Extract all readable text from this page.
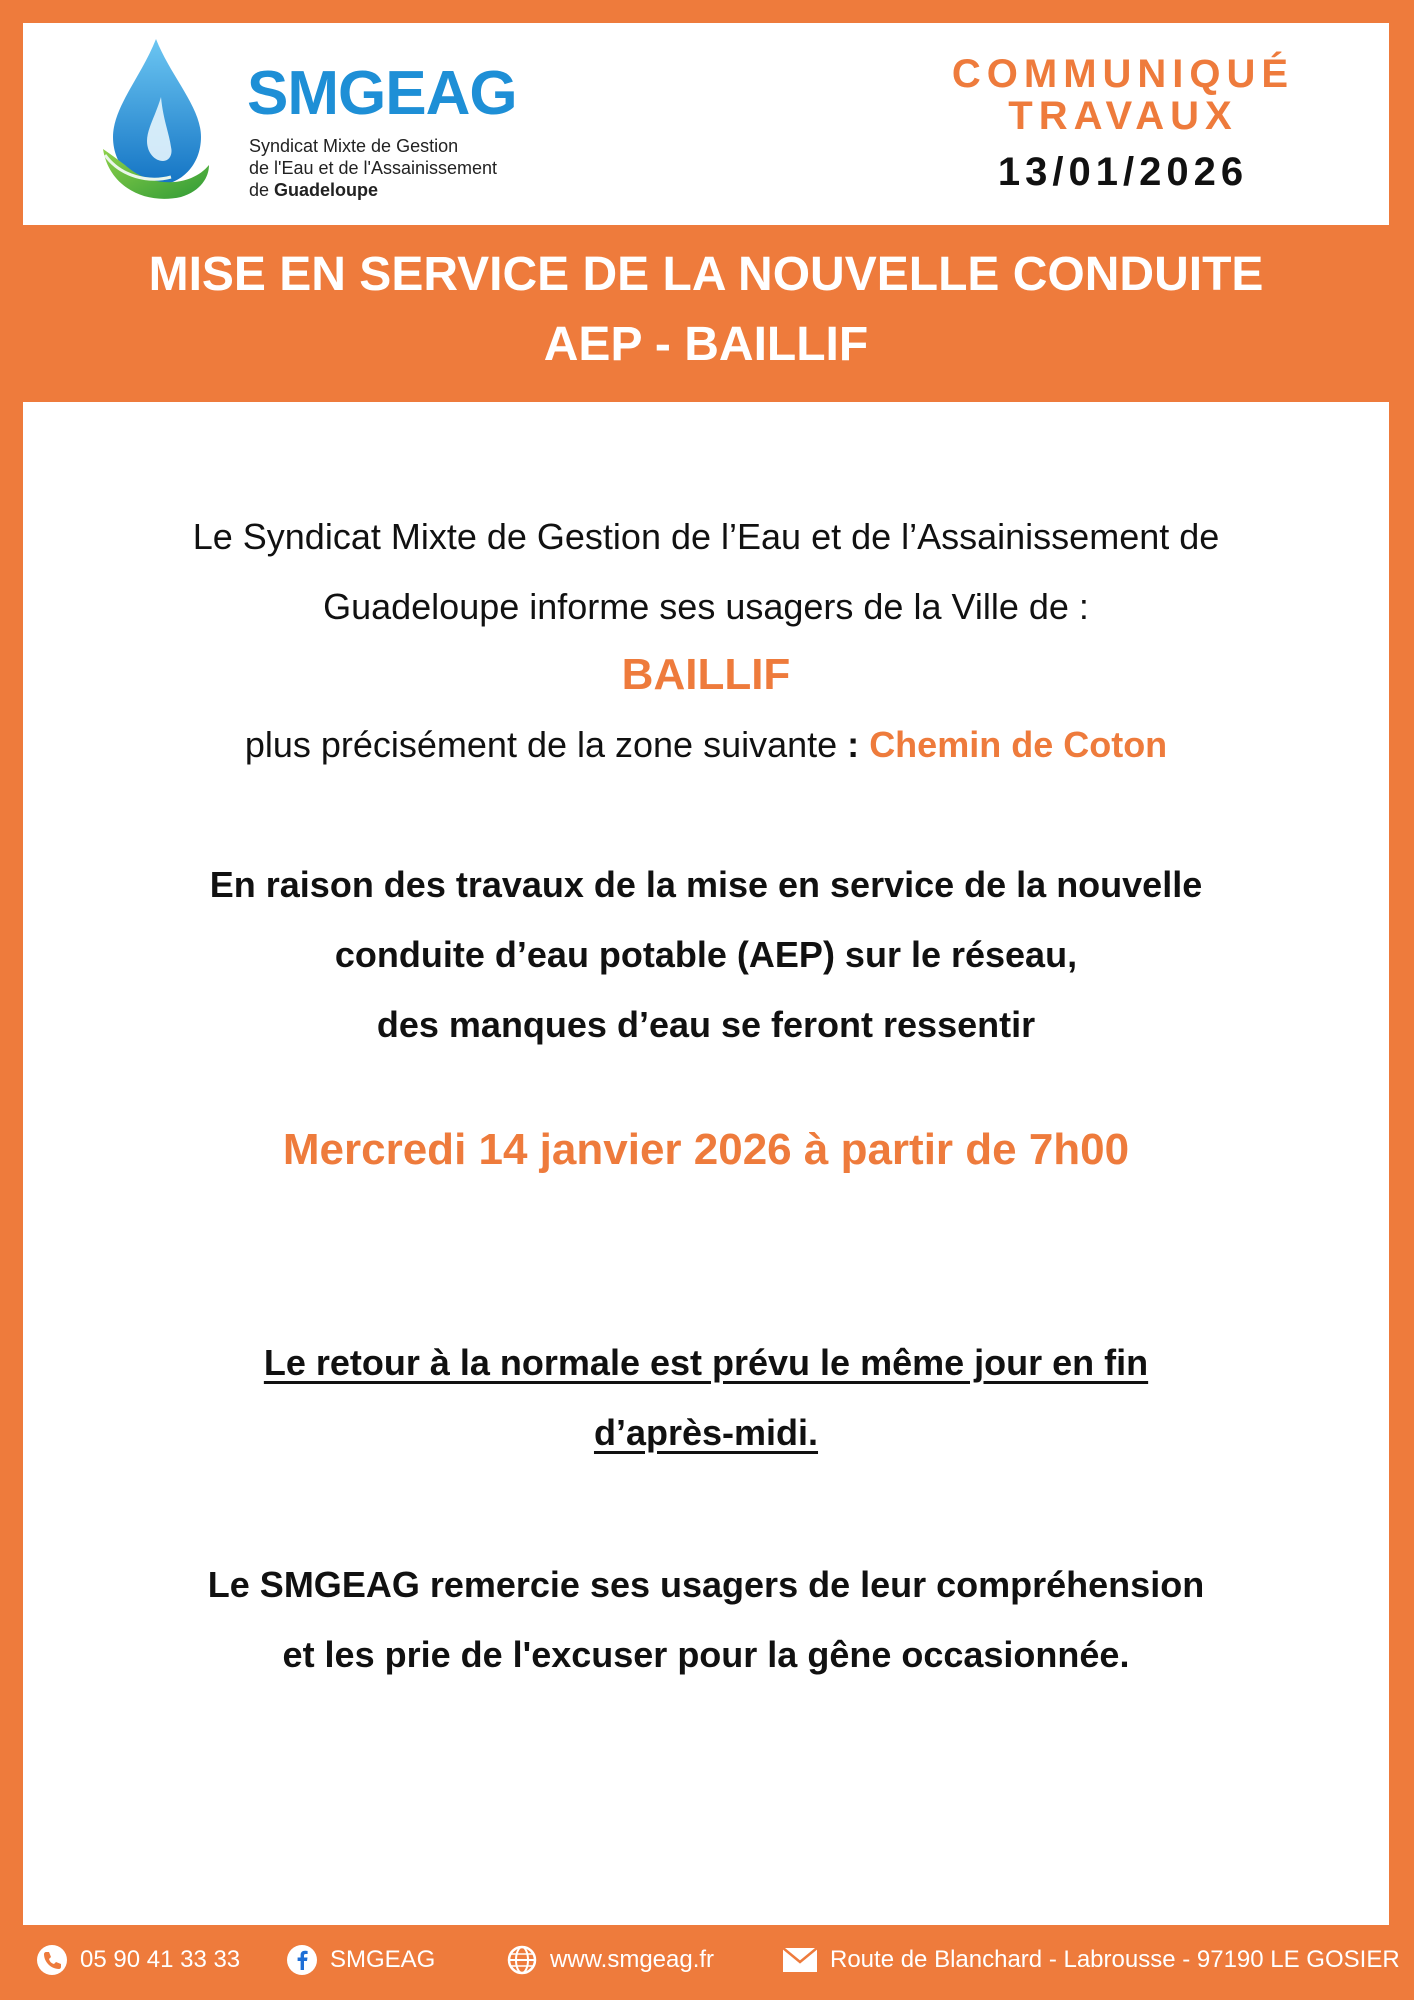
SMGEAG
Syndicat Mixte de Gestion
de l'Eau et de l'Assainissement
de Guadeloupe
COMMUNIQUÉ
TRAVAUX
13/01/2026
MISE EN SERVICE DE LA NOUVELLE CONDUITE
AEP - BAILLIF
Le Syndicat Mixte de Gestion de l’Eau et de l’Assainissement de
Guadeloupe informe ses usagers de la Ville de :
BAILLIF
plus précisément de la zone suivante : Chemin de Coton
En raison des travaux de la mise en service de la nouvelle
conduite d’eau potable (AEP) sur le réseau,
des manques d’eau se feront ressentir
Mercredi 14 janvier 2026 à partir de 7h00
Le retour à la normale est prévu le même jour en fin
d’après-midi.
Le SMGEAG remercie ses usagers de leur compréhension
et les prie de l'excuser pour la gêne occasionnée.
05 90 41 33 33	SMGEAG	www.smgeag.fr	Route de Blanchard - Labrousse - 97190 LE GOSIER
